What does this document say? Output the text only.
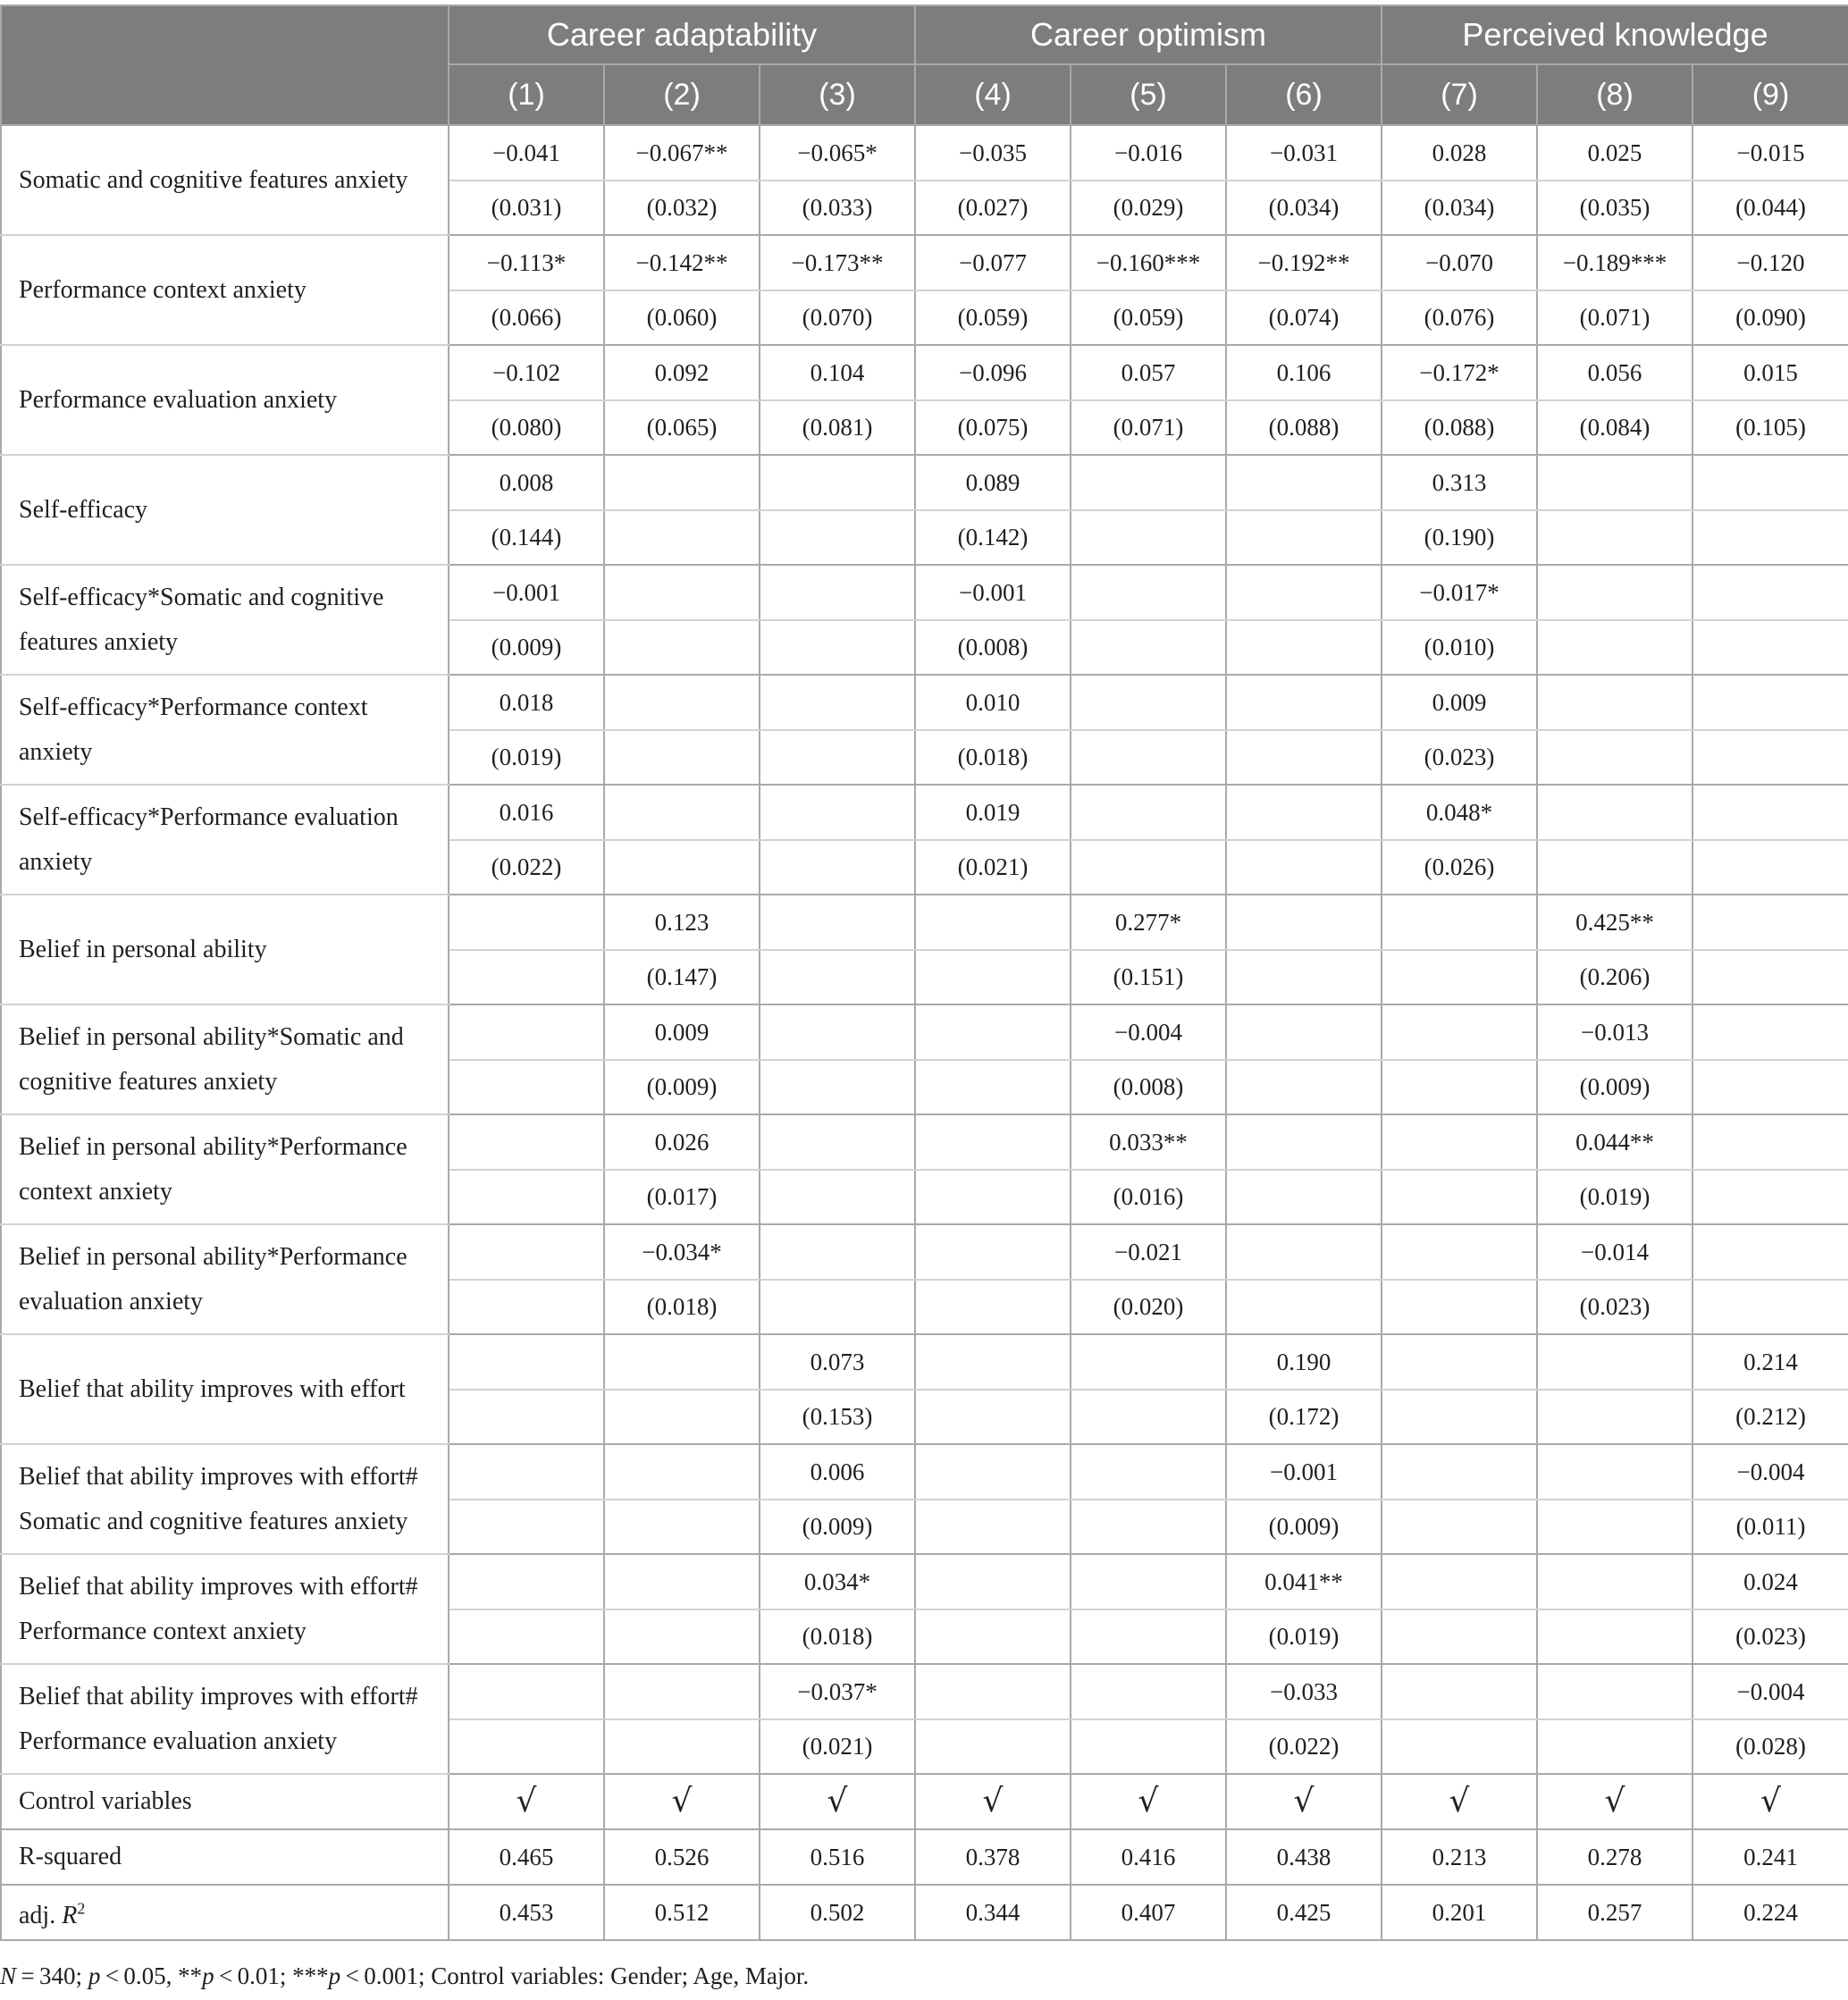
	Career adaptability			Career optimism			Perceived knowledge		
	(1)	(2)	(3)	(4)	(5)	(6)	(7)	(8)	(9)
Somatic and cognitive features anxiety	−0.041	−0.067**	−0.065*	−0.035	−0.016	−0.031	0.028	0.025	−0.015
	(0.031)	(0.032)	(0.033)	(0.027)	(0.029)	(0.034)	(0.034)	(0.035)	(0.044)
Performance context anxiety	−0.113*	−0.142**	−0.173**	−0.077	−0.160***	−0.192**	−0.070	−0.189***	−0.120
	(0.066)	(0.060)	(0.070)	(0.059)	(0.059)	(0.074)	(0.076)	(0.071)	(0.090)
Performance evaluation anxiety	−0.102	0.092	0.104	−0.096	0.057	0.106	−0.172*	0.056	0.015
	(0.080)	(0.065)	(0.081)	(0.075)	(0.071)	(0.088)	(0.088)	(0.084)	(0.105)
Self-efficacy	0.008			0.089			0.313		
	(0.144)			(0.142)			(0.190)		
Self-efficacy*Somatic and cognitive features anxiety	−0.001			−0.001			−0.017*		
	(0.009)			(0.008)			(0.010)		
Self-efficacy*Performance context anxiety	0.018			0.010			0.009		
	(0.019)			(0.018)			(0.023)		
Self-efficacy*Performance evaluation anxiety	0.016			0.019			0.048*		
	(0.022)			(0.021)			(0.026)		
Belief in personal ability		0.123			0.277*			0.425**	
		(0.147)			(0.151)			(0.206)	
Belief in personal ability*Somatic and cognitive features anxiety		0.009			−0.004			−0.013	
		(0.009)			(0.008)			(0.009)	
Belief in personal ability*Performance context anxiety		0.026			0.033**			0.044**	
		(0.017)			(0.016)			(0.019)	
Belief in personal ability*Performance evaluation anxiety		−0.034*			−0.021			−0.014	
		(0.018)			(0.020)			(0.023)	
Belief that ability improves with effort			0.073			0.190			0.214
			(0.153)			(0.172)			(0.212)
Belief that ability improves with effort# Somatic and cognitive features anxiety			0.006			−0.001			−0.004
			(0.009)			(0.009)			(0.011)
Belief that ability improves with effort# Performance context anxiety			0.034*			0.041**			0.024
			(0.018)			(0.019)			(0.023)
Belief that ability improves with effort# Performance evaluation anxiety			−0.037*			−0.033			−0.004
			(0.021)			(0.022)			(0.028)
Control variables	√	√	√	√	√	√	√	√	√
R-squared	0.465	0.526	0.516	0.378	0.416	0.438	0.213	0.278	0.241
adj. $R^2$	0.453	0.512	0.502	0.344	0.407	0.425	0.201	0.257	0.224
N = 340; p < 0.05, **p < 0.01; ***p < 0.001; Control variables: Gender; Age, Major.
